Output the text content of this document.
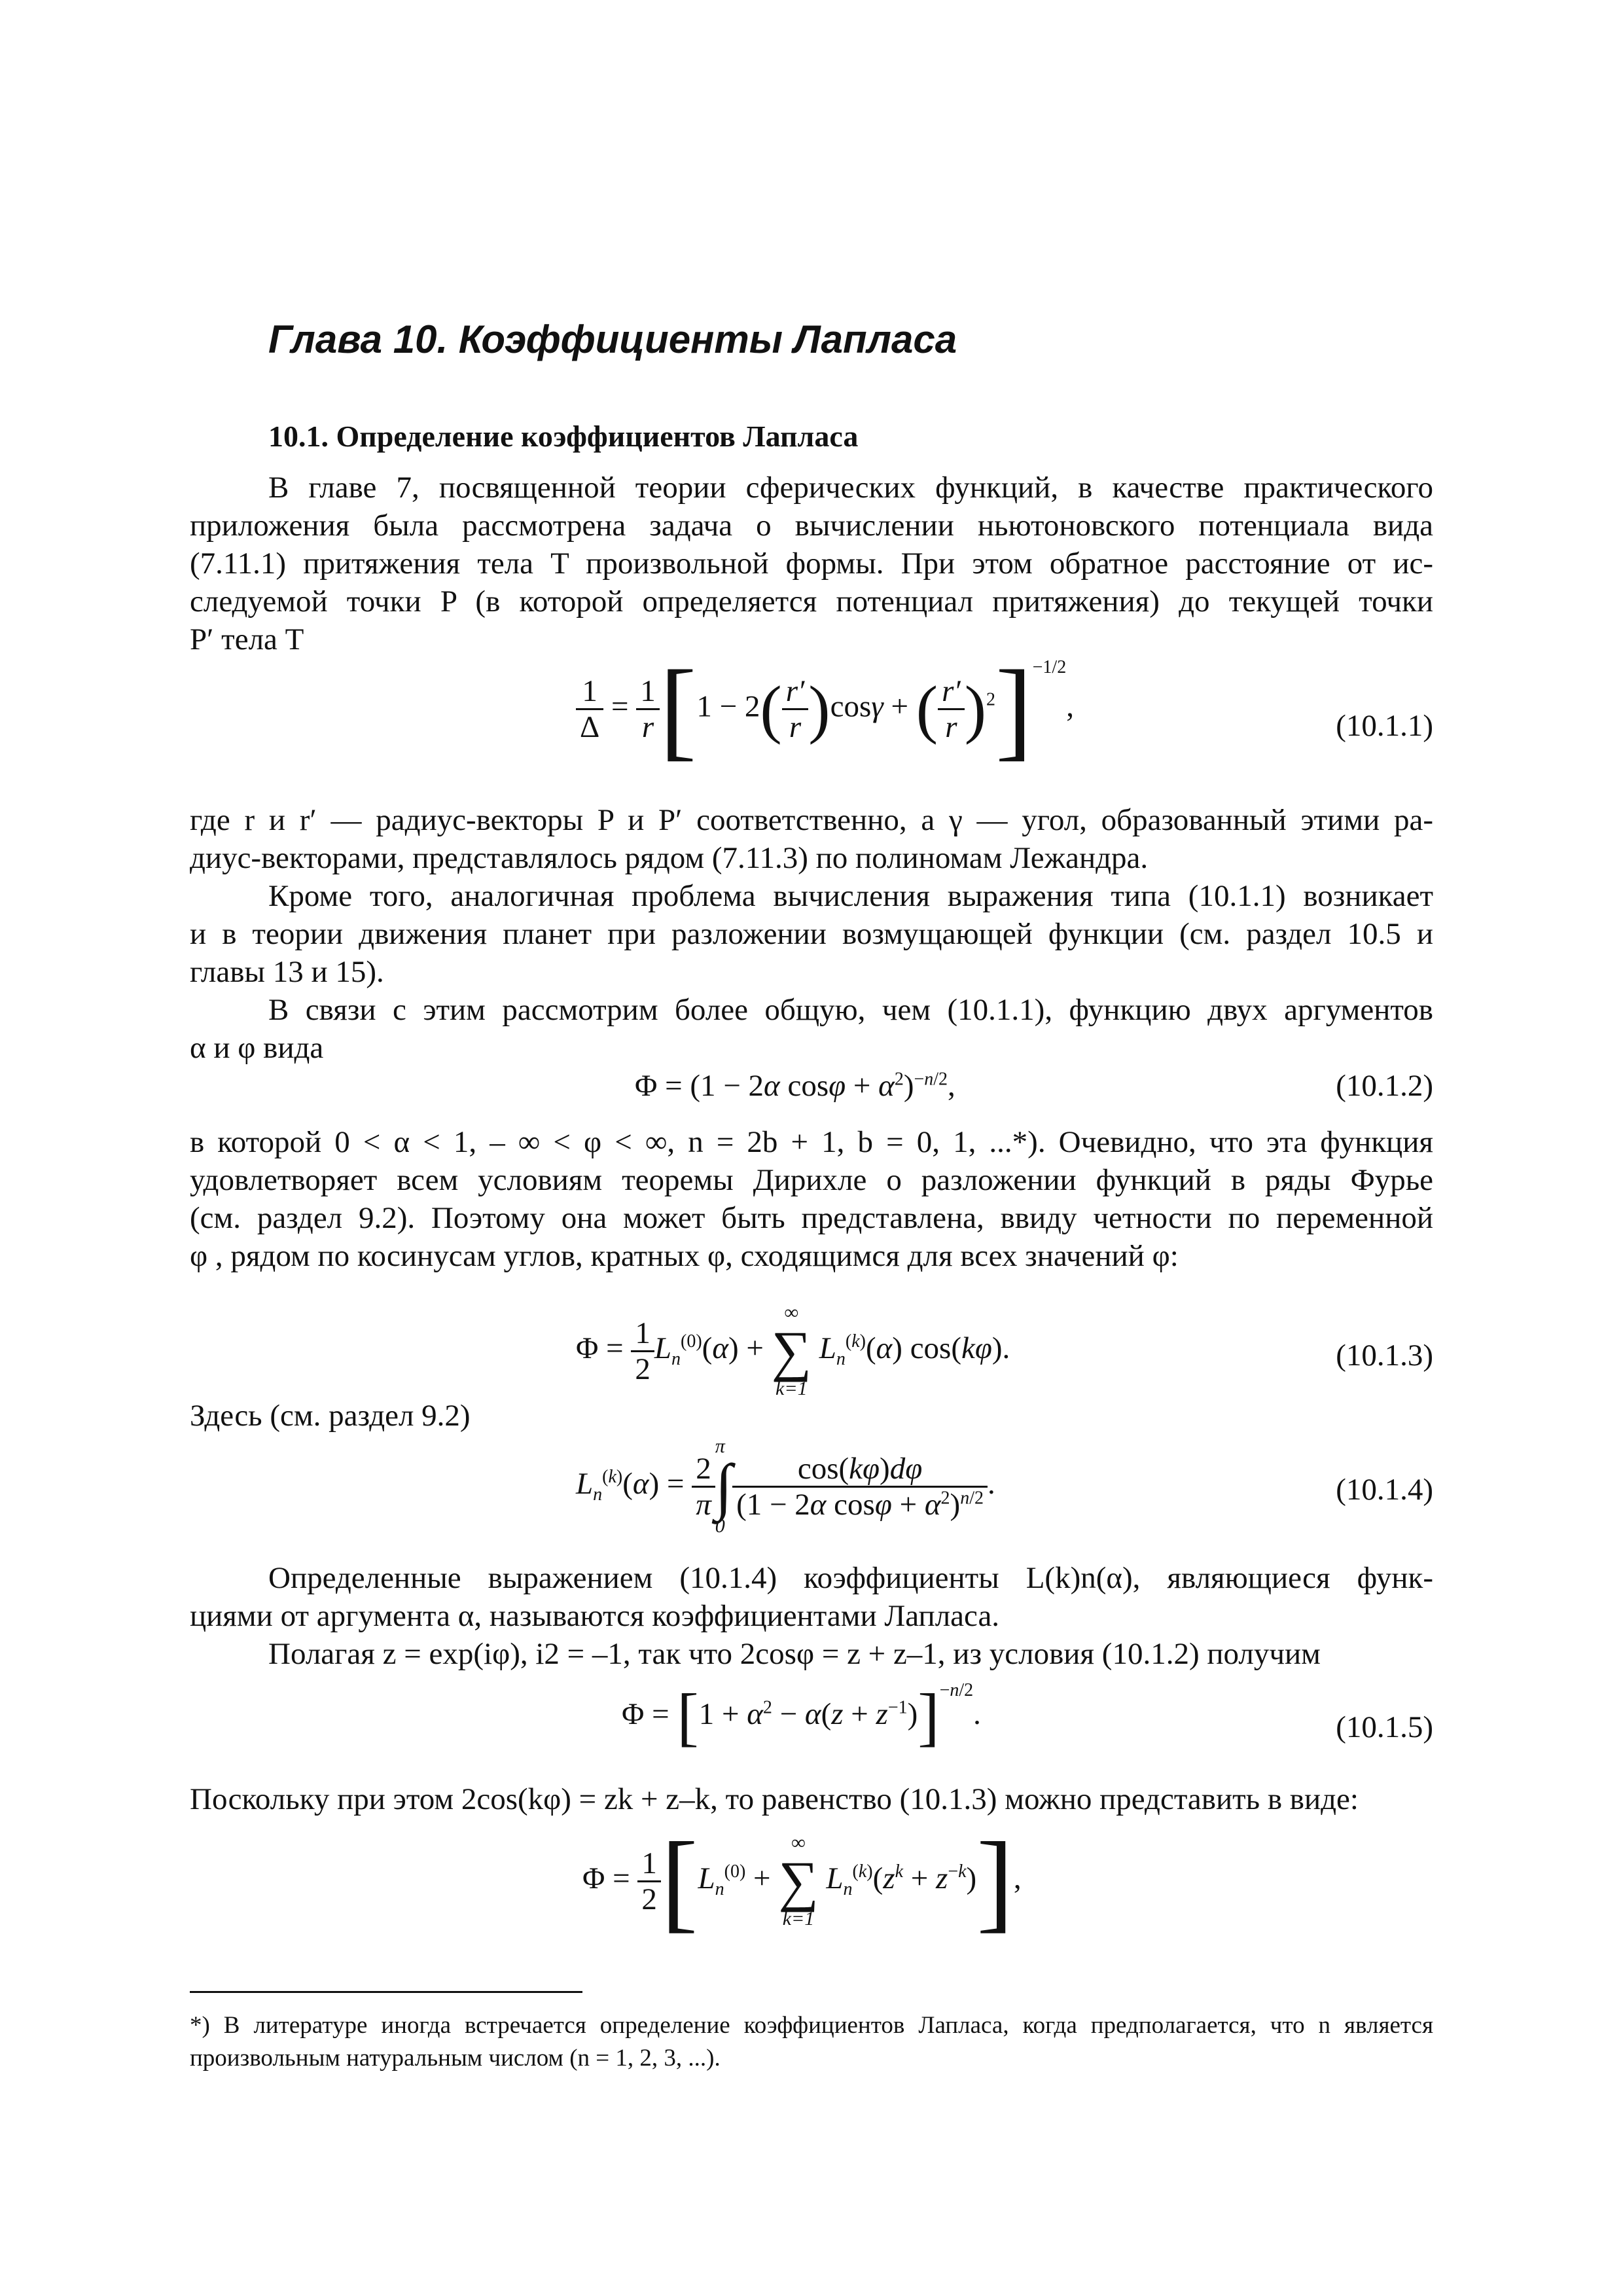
Глава 10. Коэффициенты Лапласа
10.1. Определение коэффициентов Лапласа

В главе 7, посвященной теории сферических функций, в качестве практического
приложения была рассмотрена задача о вычислении ньютоновского потенциала вида
(7.11.1) притяжения тела T произвольной формы. При этом обратное расстояние от ис-
следуемой точки P (в которой определяется потенциал притяжения) до текущей точки
P′ тела T

$\frac{1}{\Delta} = \frac{1}{r} [1 - 2( \frac{r'}{r} )\cos\gamma$ + ( $\frac{r'}{r} )^2]^{-1/2}$,
(10.1.1)

где r и r′ — радиус-векторы P и P′ соответственно, а γ — угол, образованный этими ра-
диус-векторами, представлялось рядом (7.11.3) по полиномам Лежандра.

Кроме того, аналогичная проблема вычисления выражения типа (10.1.1) возникает
и в теории движения планет при разложении возмущающей функции (см. раздел 10.5 и
главы 13 и 15).

В связи с этим рассмотрим более общую, чем (10.1.1), функцию двух аргументов
α и φ вида

Φ = (1 − 2α $\cos\varphi + \alpha^2)^{-n/2}$,	(10.1.2)

в которой 0 < α < 1, – ∞ < φ < ∞, n = 2b + 1, b = 0, 1, ...*). Очевидно, что эта функция
удовлетворяет всем условиям теоремы Дирихле о разложении функций в ряды Фурье
(см. раздел 9.2). Поэтому она может быть представлена, ввиду четности по переменной
φ , рядом по косинусам углов, кратных φ, сходящимся для всех значений φ:

$\Phi = \frac{1}{2} L_n^{(0)}(\alpha)$ +
∞
∑
k=1
$L_n^{(k)}(\alpha)$ cos(kφ).	(10.1.3)

Здесь (см. раздел 9.2)

$L_n^{(k)}(\alpha) = \frac{2}{\pi}$
π
∫
0
$\frac{\cos(k\varphi)d\varphi}{(1 - 2\alpha \cos\varphi + \alpha^2)^{n/2}}$ .	(10.1.4)

Определенные выражением (10.1.4) коэффициенты L(k)n(α), являющиеся функ-
циями от аргумента α, называются коэффициентами Лапласа.

Полагая z = exp(iφ), i2 = –1, так что 2cosφ = z + z–1, из условия (10.1.2) получим

$\Phi = [1 + \alpha^2 - \alpha(z + z^{-1})]^{-n/2}$.	(10.1.5)

Поскольку при этом 2cos(kφ) = zk + z–k, то равенство (10.1.3) можно представить в виде:

$\Phi = \frac{1}{2} [L_n^{(0)}$ +
∞
∑
k=1
$L_n^{(k)}(z^k + z^{-k})$],
*) В литературе иногда встречается определение коэффициентов Лапласа, когда предполагается, что n является произвольным натуральным числом (n = 1, 2, 3, ...).
